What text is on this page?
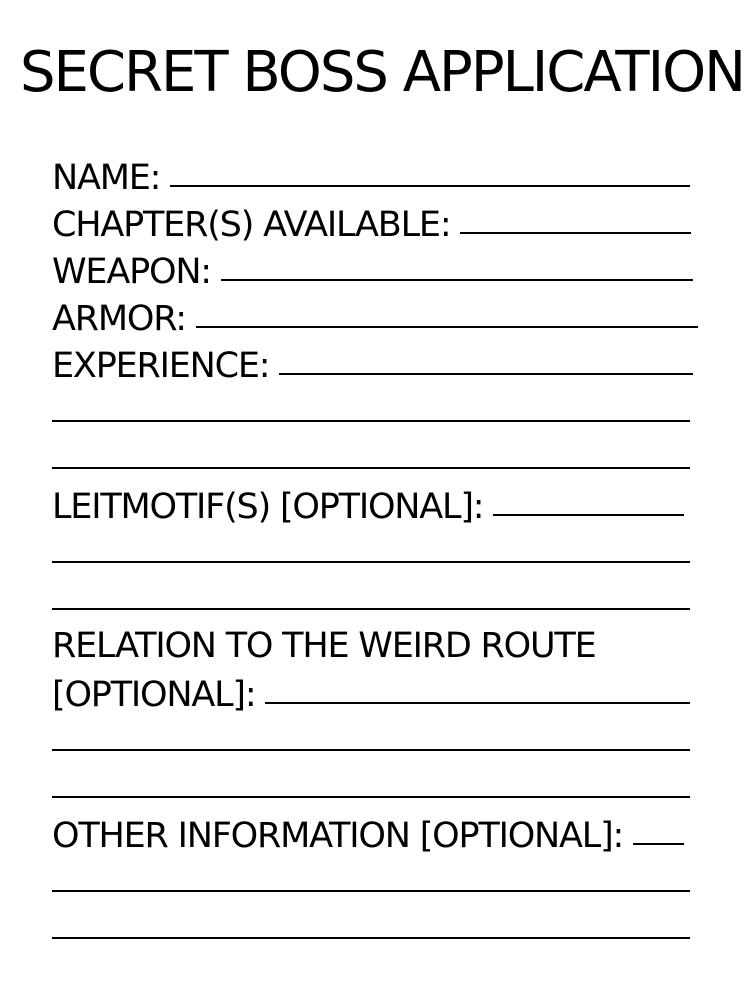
SECRET BOSS APPLICATION
NAME:
CHAPTER(S) AVAILABLE:
WEAPON:
ARMOR:
EXPERIENCE:
LEITMOTIF(S) [OPTIONAL]:
RELATION TO THE WEIRD ROUTE
[OPTIONAL]:
OTHER INFORMATION [OPTIONAL]:
